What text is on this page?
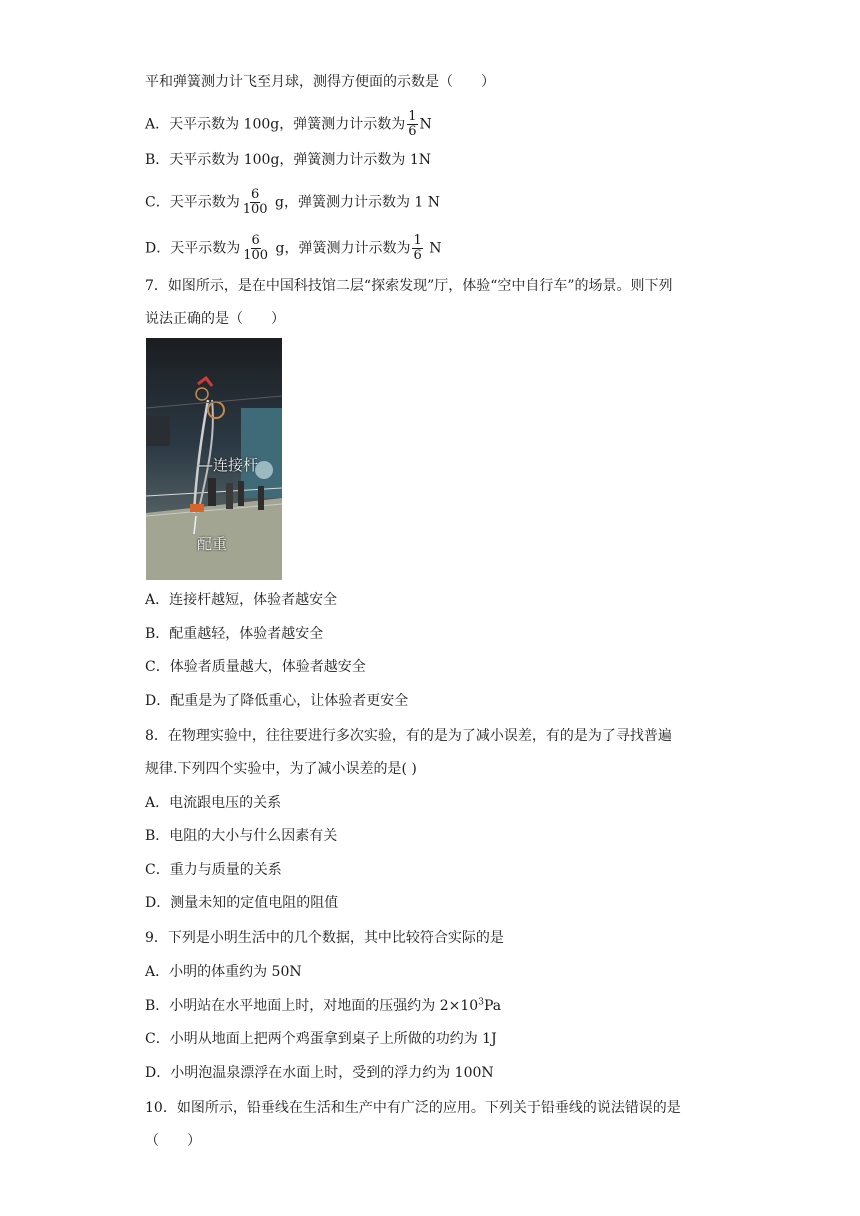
平和弹簧测力计飞至月球，测得方便面的示数是（　　）
A．天平示数为 100g，弹簧测力计示数为 $\frac{1}{6}$ N
B．天平示数为 100g，弹簧测力计示数为 1N
C．天平示数为 $\frac{6}{100}$ g，弹簧测力计示数为 1 N
D．天平示数为 $\frac{6}{100}$ g，弹簧测力计示数为 $\frac{1}{6}$ N
7．如图所示，是在中国科技馆二层“探索发现”厅，体验“空中自行车”的场景。则下列
说法正确的是（　　）
—连接杆
配重
A．连接杆越短，体验者越安全
B．配重越轻，体验者越安全
C．体验者质量越大，体验者越安全
D．配重是为了降低重心，让体验者更安全
8．在物理实验中，往往要进行多次实验，有的是为了减小误差，有的是为了寻找普遍
规律.下列四个实验中，为了减小误差的是( )
A．电流跟电压的关系
B．电阻的大小与什么因素有关
C．重力与质量的关系
D．测量未知的定值电阻的阻值
9．下列是小明生活中的几个数据，其中比较符合实际的是
A．小明的体重约为 50N
B．小明站在水平地面上时，对地面的压强约为 $2\times 10^3Pa$
C．小明从地面上把两个鸡蛋拿到桌子上所做的功约为 1J
D．小明泡温泉漂浮在水面上时，受到的浮力约为 100N
10．如图所示，铅垂线在生活和生产中有广泛的应用。下列关于铅垂线的说法错误的是
（　　）
